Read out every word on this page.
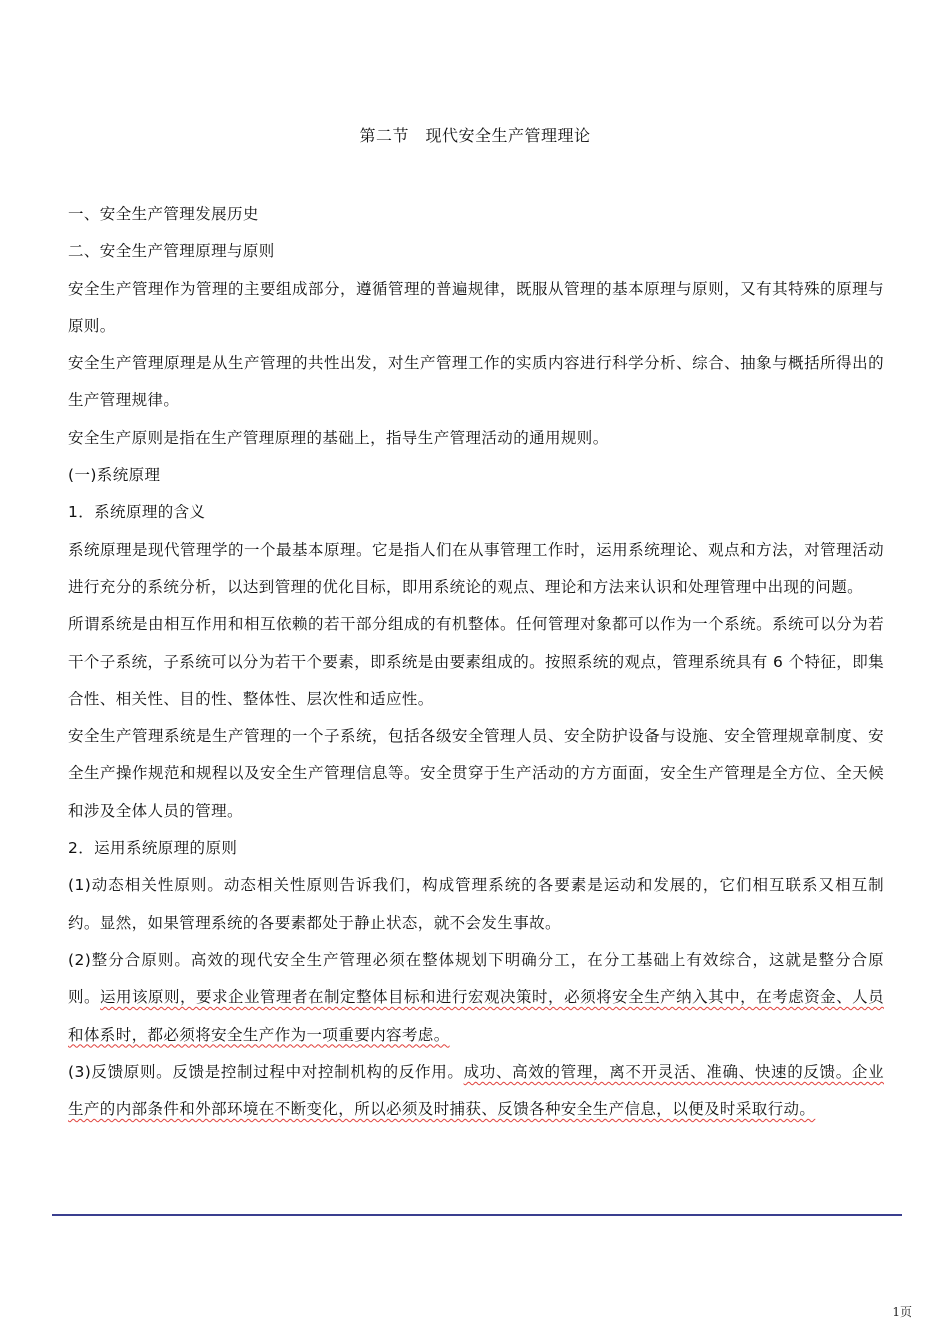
第二节　现代安全生产管理理论

一、安全生产管理发展历史

二、安全生产管理原理与原则

安全生产管理作为管理的主要组成部分，遵循管理的普遍规律，既服从管理的基本原理与原则，又有其特殊的原理与原则。

安全生产管理原理是从生产管理的共性出发，对生产管理工作的实质内容进行科学分析、综合、抽象与概括所得出的生产管理规律。

安全生产原则是指在生产管理原理的基础上，指导生产管理活动的通用规则。

(一)系统原理

1．系统原理的含义

系统原理是现代管理学的一个最基本原理。它是指人们在从事管理工作时，运用系统理论、观点和方法，对管理活动进行充分的系统分析，以达到管理的优化目标，即用系统论的观点、理论和方法来认识和处理管理中出现的问题。

所谓系统是由相互作用和相互依赖的若干部分组成的有机整体。任何管理对象都可以作为一个系统。系统可以分为若干个子系统，子系统可以分为若干个要素，即系统是由要素组成的。按照系统的观点，管理系统具有 6 个特征，即集合性、相关性、目的性、整体性、层次性和适应性。

安全生产管理系统是生产管理的一个子系统，包括各级安全管理人员、安全防护设备与设施、安全管理规章制度、安全生产操作规范和规程以及安全生产管理信息等。安全贯穿于生产活动的方方面面，安全生产管理是全方位、全天候和涉及全体人员的管理。

2．运用系统原理的原则

(1)动态相关性原则。动态相关性原则告诉我们，构成管理系统的各要素是运动和发展的，它们相互联系又相互制约。显然，如果管理系统的各要素都处于静止状态，就不会发生事故。

(2)整分合原则。高效的现代安全生产管理必须在整体规划下明确分工，在分工基础上有效综合，这就是整分合原则。运用该原则，要求企业管理者在制定整体目标和进行宏观决策时，必须将安全生产纳入其中，在考虑资金、人员和体系时，都必须将安全生产作为一项重要内容考虑。

(3)反馈原则。反馈是控制过程中对控制机构的反作用。成功、高效的管理，离不开灵活、准确、快速的反馈。企业生产的内部条件和外部环境在不断变化，所以必须及时捕获、反馈各种安全生产信息，以便及时采取行动。

1页
